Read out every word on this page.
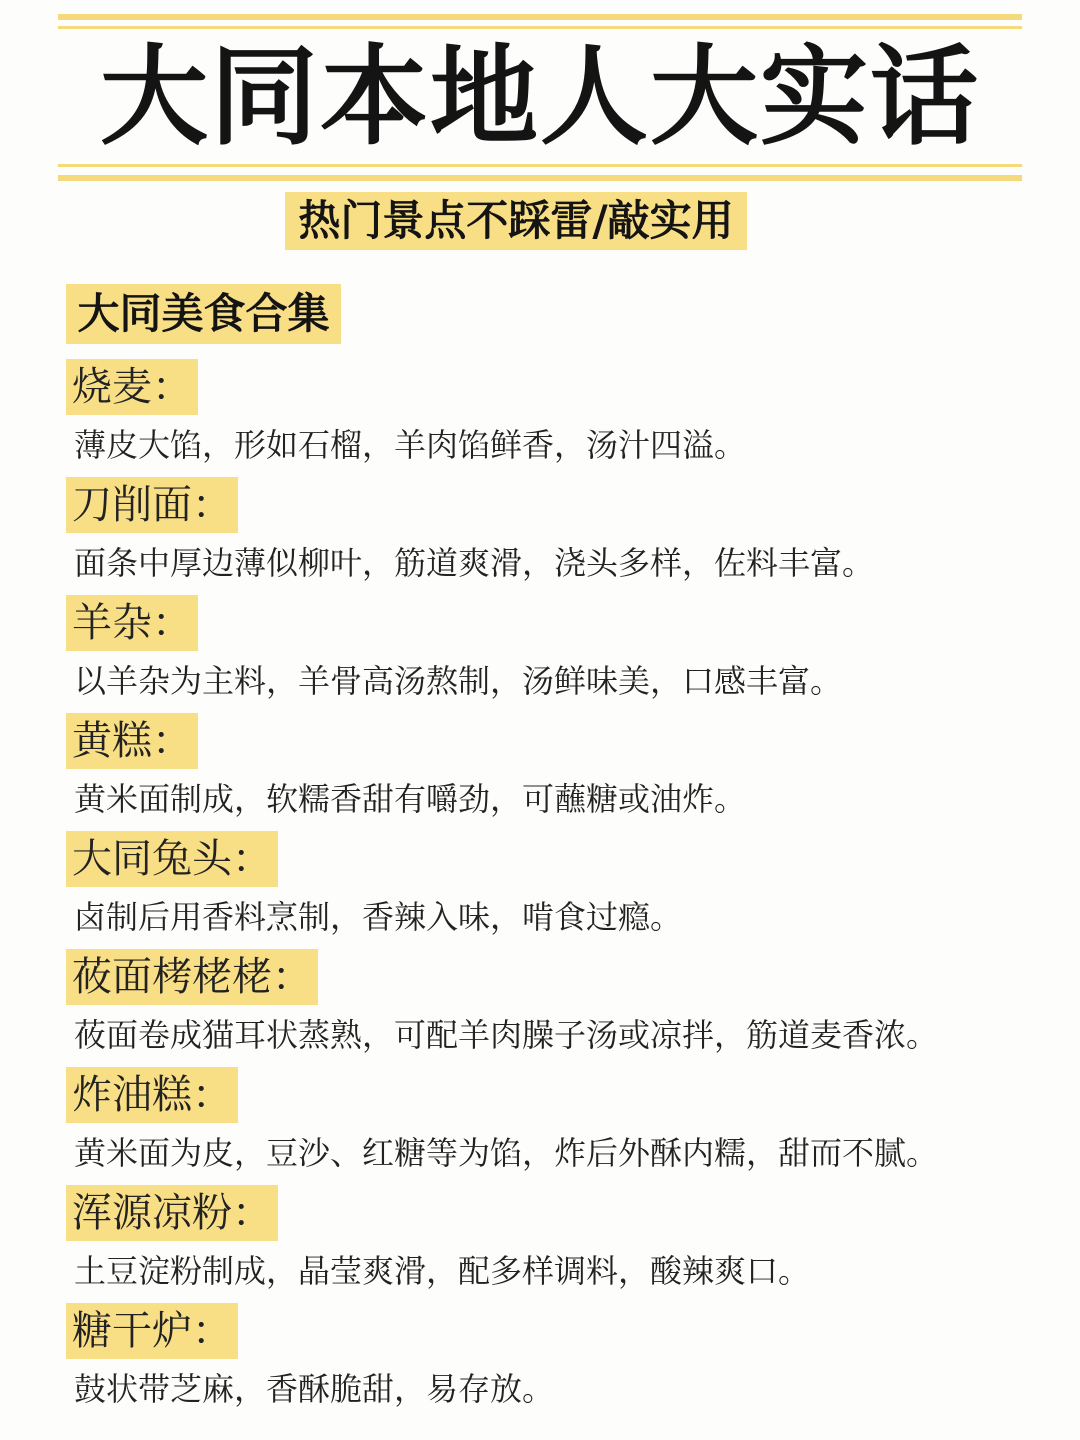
大同本地人大实话
热门景点不踩雷/敲实用
大同美食合集
烧麦：
薄皮大馅，形如石榴，羊肉馅鲜香，汤汁四溢。
刀削面：
面条中厚边薄似柳叶，筋道爽滑，浇头多样，佐料丰富。
羊杂：
以羊杂为主料，羊骨高汤熬制，汤鲜味美，口感丰富。
黄糕：
黄米面制成，软糯香甜有嚼劲，可蘸糖或油炸。
大同兔头：
卤制后用香料烹制，香辣入味，啃食过瘾。
莜面栲栳栳：
莜面卷成猫耳状蒸熟，可配羊肉臊子汤或凉拌，筋道麦香浓。
炸油糕：
黄米面为皮，豆沙、红糖等为馅，炸后外酥内糯，甜而不腻。
浑源凉粉：
土豆淀粉制成，晶莹爽滑，配多样调料，酸辣爽口。
糖干炉：
鼓状带芝麻，香酥脆甜，易存放。
